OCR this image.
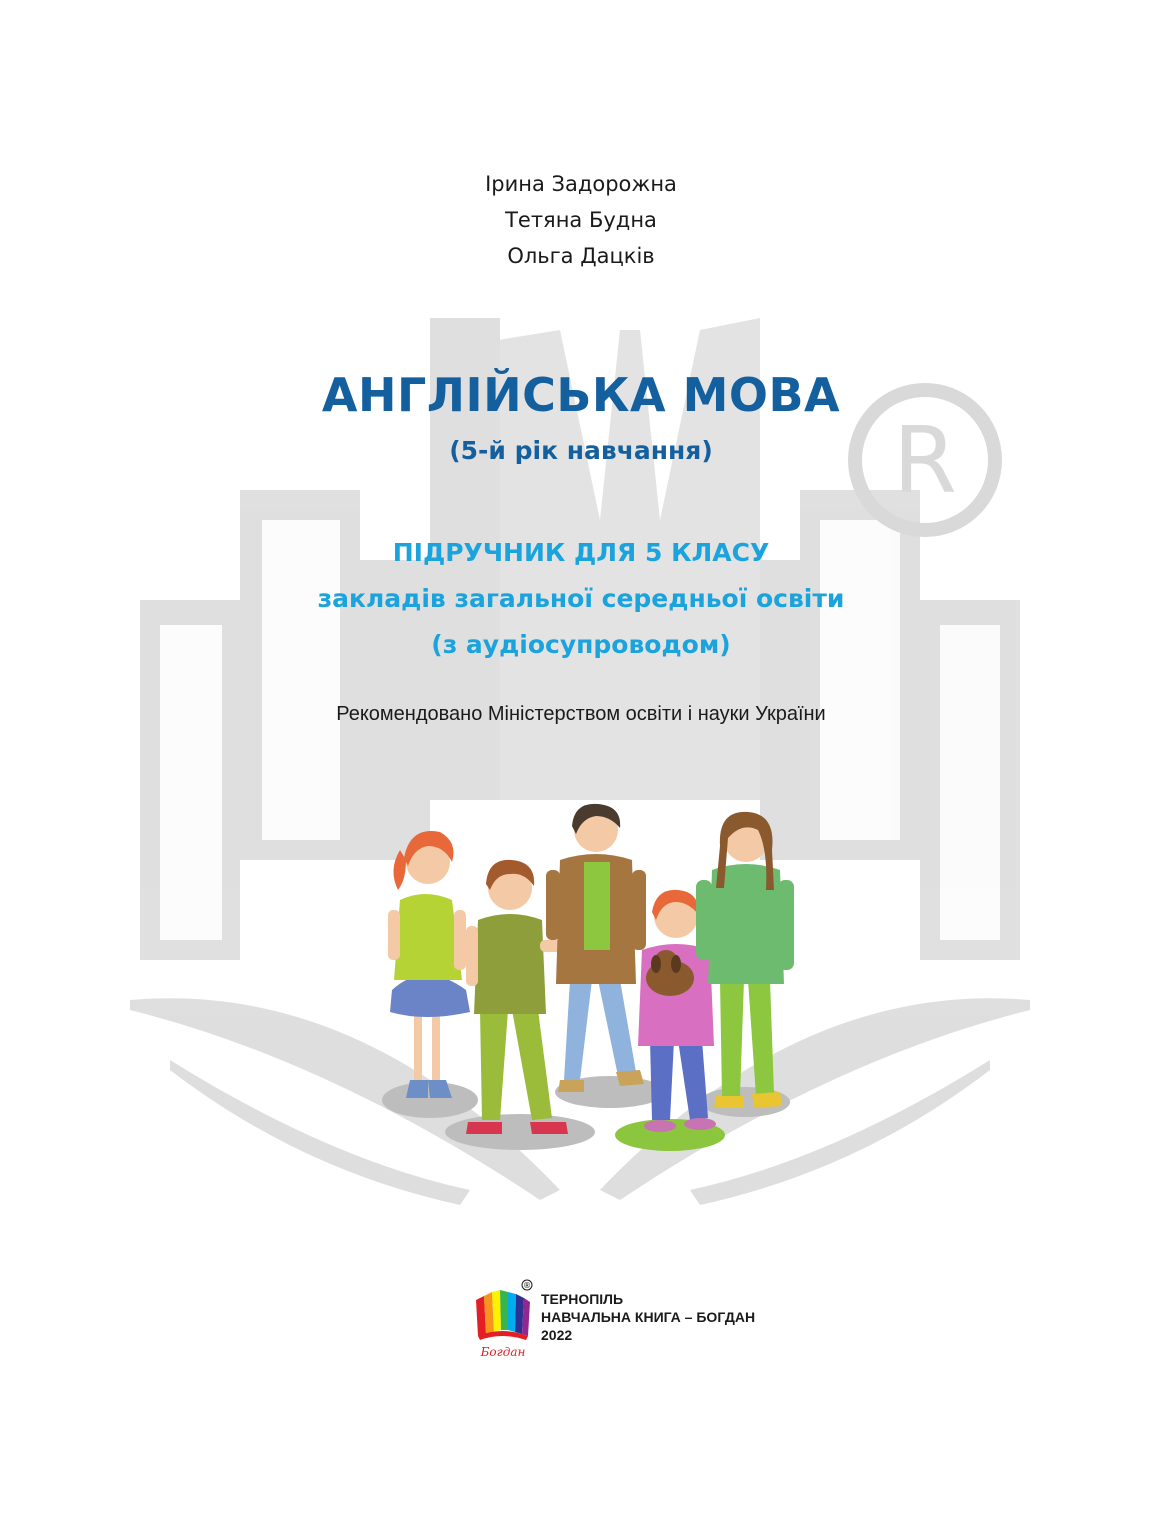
R
Ірина Задорожна
Тетяна Будна
Ольга Дацків
АНГЛІЙСЬКА МОВА
(5-й рік навчання)
ПІДРУЧНИК ДЛЯ 5 КЛАСУ
закладів загальної середньої освіти
(з аудіосупроводом)
Рекомендовано Міністерством освіти і науки України
Богдан
®
ТЕРНОПІЛЬ
НАВЧАЛЬНА КНИГА – БОГДАН
2022
